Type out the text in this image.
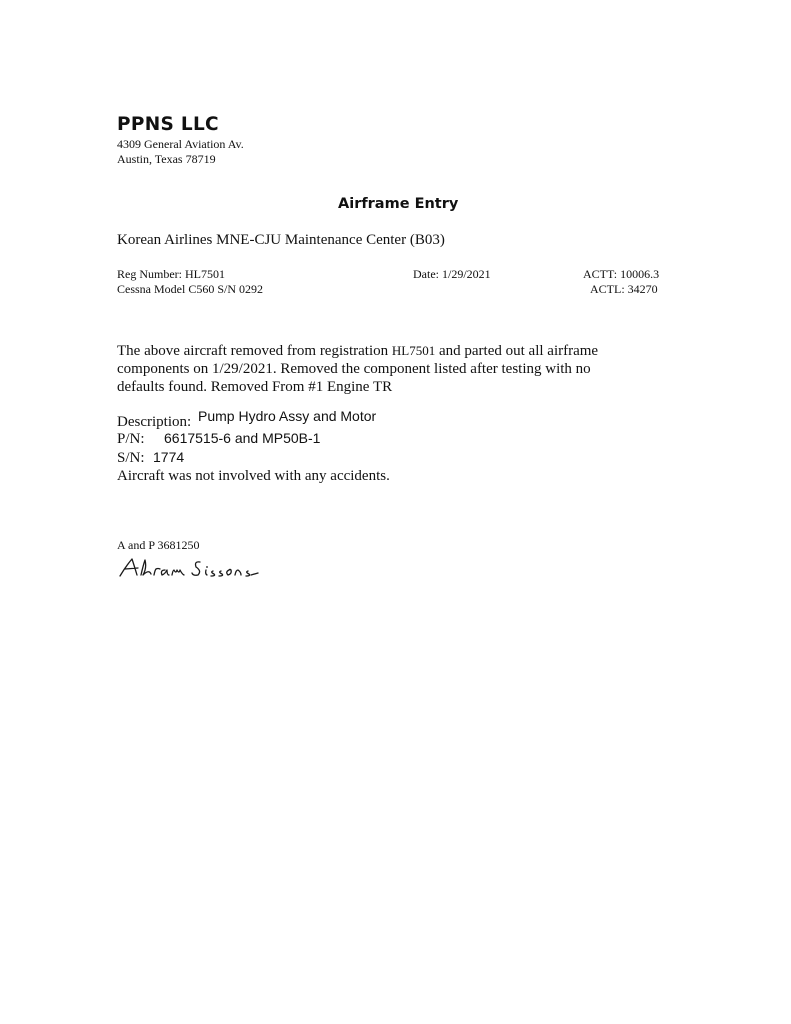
PPNS LLC
4309 General Aviation Av.
Austin, Texas 78719
Airframe Entry
Korean Airlines MNE-CJU Maintenance Center (B03)
Reg Number: HL7501
Cessna Model C560 S/N 0292
Date: 1/29/2021	ACTT: 10006.3
ACTL: 34270
The above aircraft removed from registration HL7501 and parted out all airframe components on 1/29/2021. Removed the component listed after testing with no defaults found. Removed From #1 Engine TR
Description: Pump Hydro Assy and Motor
P/N: 6617515-6 and MP50B-1
S/N: 1774
Aircraft was not involved with any accidents.
A and P 3681250
